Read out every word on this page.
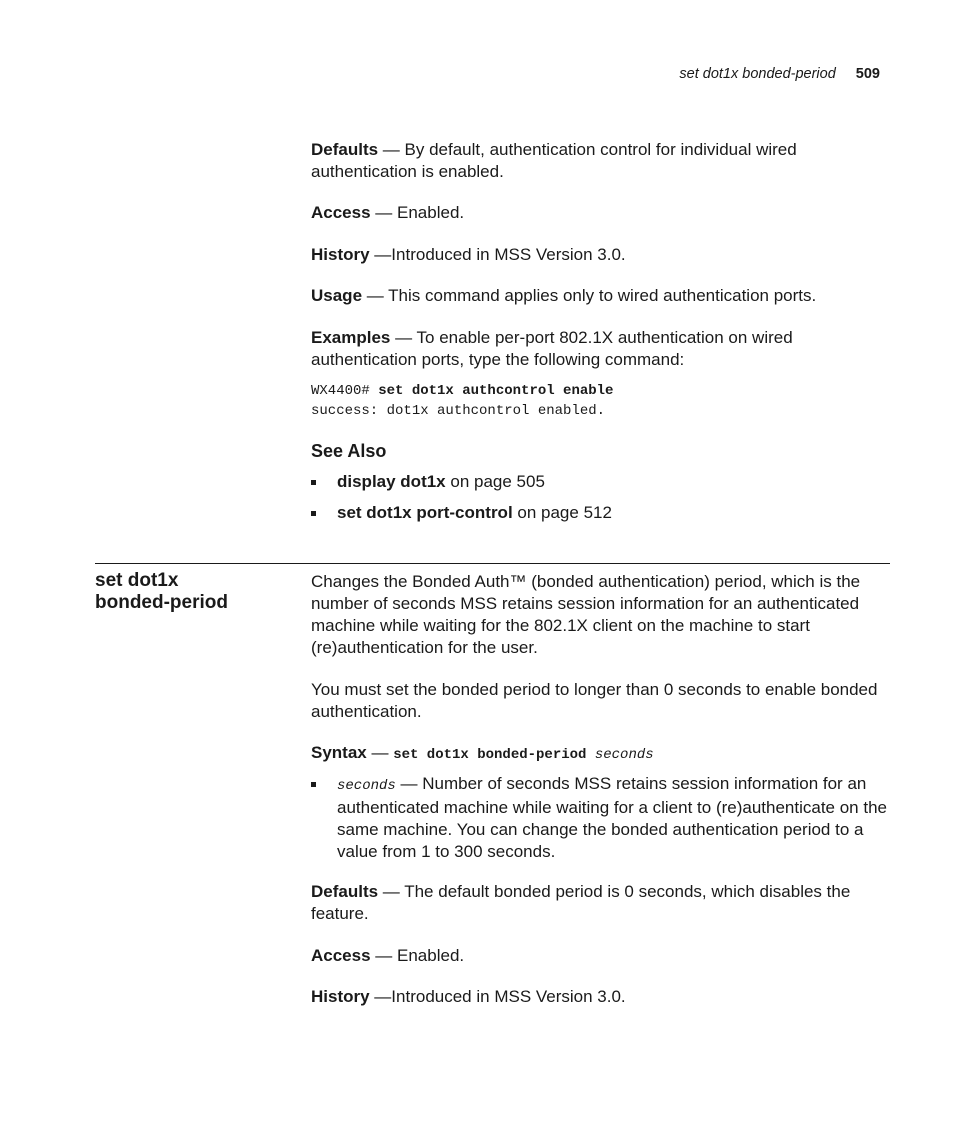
set dot1x bonded-period 509

Defaults — By default, authentication control for individual wired authentication is enabled.

Access — Enabled.

History —Introduced in MSS Version 3.0.

Usage — This command applies only to wired authentication ports.

Examples — To enable per-port 802.1X authentication on wired authentication ports, type the following command:

WX4400# set dot1x authcontrol enable
success: dot1x authcontrol enabled.
See Also
display dot1x on page 505
set dot1x port-control on page 512
set dot1x
bonded-period
Changes the Bonded Auth™ (bonded authentication) period, which is the number of seconds MSS retains session information for an authenticated machine while waiting for the 802.1X client on the machine to start (re)authentication for the user.
You must set the bonded period to longer than 0 seconds to enable bonded authentication.
Syntax — set dot1x bonded-period seconds
seconds — Number of seconds MSS retains session information for an authenticated machine while waiting for a client to (re)authenticate on the same machine. You can change the bonded authentication period to a value from 1 to 300 seconds.

Defaults — The default bonded period is 0 seconds, which disables the feature.

Access — Enabled.

History —Introduced in MSS Version 3.0.
